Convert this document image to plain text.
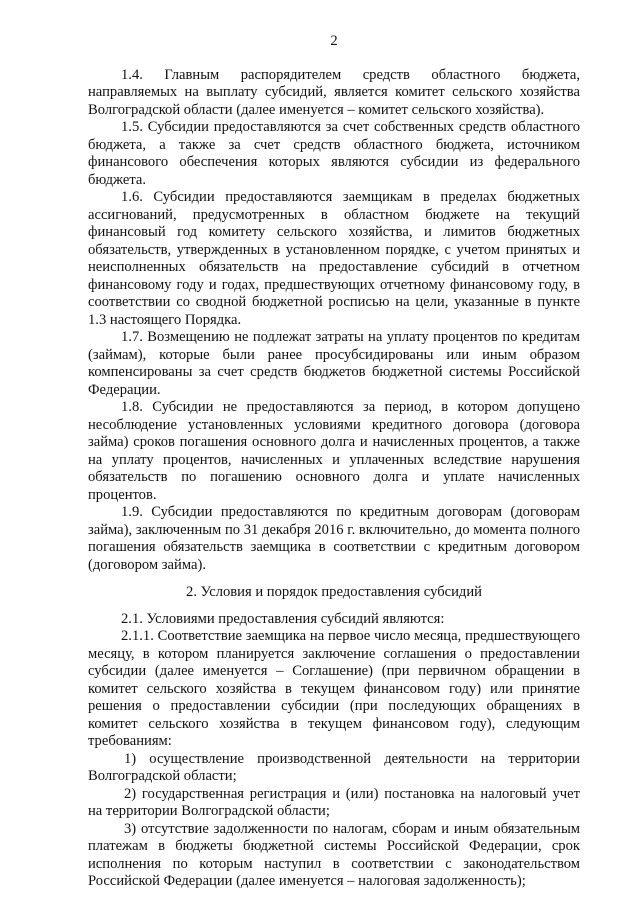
2

1.4. Главным распорядителем средств областного бюджета, направляемых на выплату субсидий, является комитет сельского хозяйства Волгоградской области (далее именуется – комитет сельского хозяйства).

1.5. Субсидии предоставляются за счет собственных средств областного бюджета, а также за счет средств областного бюджета, источником финансового обеспечения которых являются субсидии из федерального бюджета.

1.6. Субсидии предоставляются заемщикам в пределах бюджетных ассигнований, предусмотренных в областном бюджете на текущий финансовый год комитету сельского хозяйства, и лимитов бюджетных обязательств, утвержденных в установленном порядке, с учетом принятых и неисполненных обязательств на предоставление субсидий в отчетном финансовому году и годах, предшествующих отчетному финансовому году, в соответствии со сводной бюджетной росписью на цели, указанные в пункте 1.3 настоящего Порядка.

1.7. Возмещению не подлежат затраты на уплату процентов по кредитам (займам), которые были ранее просубсидированы или иным образом компенсированы за счет средств бюджетов бюджетной системы Российской Федерации.

1.8. Субсидии не предоставляются за период, в котором допущено несоблюдение установленных условиями кредитного договора (договора займа) сроков погашения основного долга и начисленных процентов, а также на уплату процентов, начисленных и уплаченных вследствие нарушения обязательств по погашению основного долга и уплате начисленных процентов.

1.9. Субсидии предоставляются по кредитным договорам (договорам займа), заключенным по 31 декабря 2016 г. включительно, до момента полного погашения обязательств заемщика в соответствии с кредитным договором (договором займа).

2. Условия и порядок предоставления субсидий

2.1. Условиями предоставления субсидий являются:

2.1.1. Соответствие заемщика на первое число месяца, предшествующего месяцу, в котором планируется заключение соглашения о предоставлении субсидии (далее именуется – Соглашение) (при первичном обращении в комитет сельского хозяйства в текущем финансовом году) или принятие решения о предоставлении субсидии (при последующих обращениях в комитет сельского хозяйства в текущем финансовом году), следующим требованиям:

1) осуществление производственной деятельности на территории Волгоградской области;

2) государственная регистрация и (или) постановка на налоговый учет на территории Волгоградской области;

3) отсутствие задолженности по налогам, сборам и иным обязательным платежам в бюджеты бюджетной системы Российской Федерации, срок исполнения по которым наступил в соответствии с законодательством Российской Федерации (далее именуется – налоговая задолженность);
